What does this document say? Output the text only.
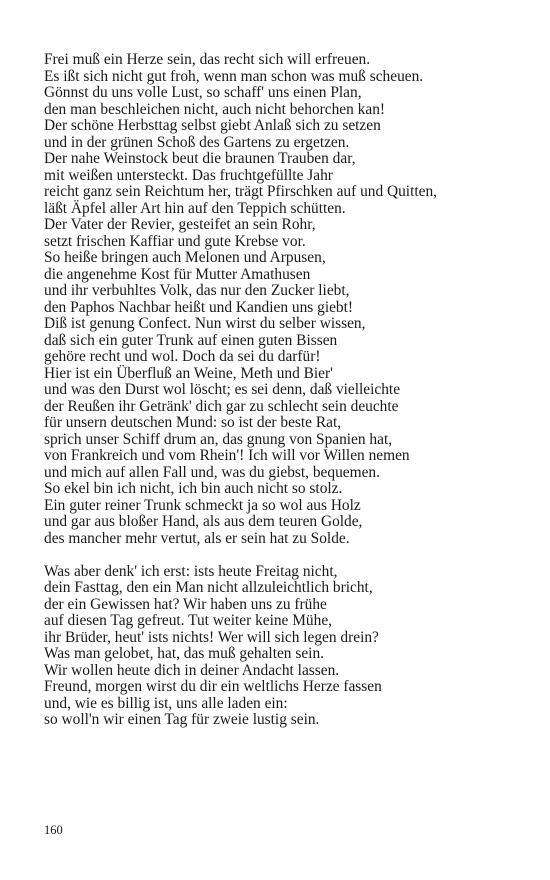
Frei muß ein Herze sein, das recht sich will erfreuen.
Es ißt sich nicht gut froh, wenn man schon was muß scheuen.
Gönnst du uns volle Lust, so schaff' uns einen Plan,
den man beschleichen nicht, auch nicht behorchen kan!
Der schöne Herbsttag selbst giebt Anlaß sich zu setzen
und in der grünen Schoß des Gartens zu ergetzen.
Der nahe Weinstock beut die braunen Trauben dar,
mit weißen untersteckt. Das fruchtgefüllte Jahr
reicht ganz sein Reichtum her, trägt Pfirschken auf und Quitten,
läßt Äpfel aller Art hin auf den Teppich schütten.
Der Vater der Revier, gesteifet an sein Rohr,
setzt frischen Kaffiar und gute Krebse vor.
So heiße bringen auch Melonen und Arpusen,
die angenehme Kost für Mutter Amathusen
und ihr verbuhltes Volk, das nur den Zucker liebt,
den Paphos Nachbar heißt und Kandien uns giebt!
Diß ist genung Confect. Nun wirst du selber wissen,
daß sich ein guter Trunk auf einen guten Bissen
gehöre recht und wol. Doch da sei du darfür!
Hier ist ein Überfluß an Weine, Meth und Bier'
und was den Durst wol löscht; es sei denn, daß vielleichte
der Reußen ihr Getränk' dich gar zu schlecht sein deuchte
für unsern deutschen Mund: so ist der beste Rat,
sprich unser Schiff drum an, das gnung von Spanien hat,
von Frankreich und vom Rhein'! Ich will vor Willen nemen
und mich auf allen Fall und, was du giebst, bequemen.
So ekel bin ich nicht, ich bin auch nicht so stolz.
Ein guter reiner Trunk schmeckt ja so wol aus Holz
und gar aus bloßer Hand, als aus dem teuren Golde,
des mancher mehr vertut, als er sein hat zu Solde.
Was aber denk' ich erst: ists heute Freitag nicht,
dein Fasttag, den ein Man nicht allzuleichtlich bricht,
der ein Gewissen hat? Wir haben uns zu frühe
auf diesen Tag gefreut. Tut weiter keine Mühe,
ihr Brüder, heut' ists nichts! Wer will sich legen drein?
Was man gelobet, hat, das muß gehalten sein.
Wir wollen heute dich in deiner Andacht lassen.
Freund, morgen wirst du dir ein weltlichs Herze fassen
und, wie es billig ist, uns alle laden ein:
so woll'n wir einen Tag für zweie lustig sein.
160
